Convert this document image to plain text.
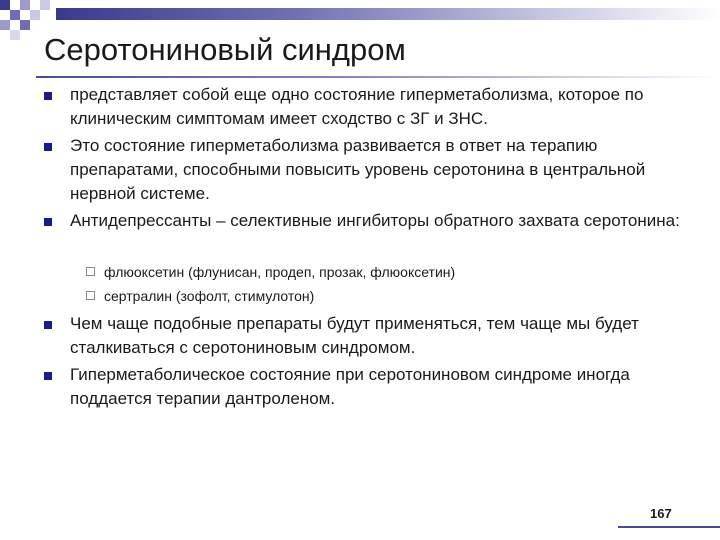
Серотониновый синдром
представляет собой еще одно состояние гиперметаболизма, которое по клиническим симптомам имеет сходство с ЗГ и ЗНС.
Это состояние гиперметаболизма развивается в ответ на терапию препаратами, способными повысить уровень серотонина в центральной нервной системе.
Антидепрессанты – селективные ингибиторы обратного захвата серотонина:
флюоксетин (флунисан, продеп, прозак, флюоксетин)
сертралин (зофолт, стимулотон)
Чем чаще подобные препараты будут применяться, тем чаще мы будет сталкиваться с серотониновым синдромом.
Гиперметаболическое состояние при серотониновом синдроме иногда поддается терапии дантроленом.
167
